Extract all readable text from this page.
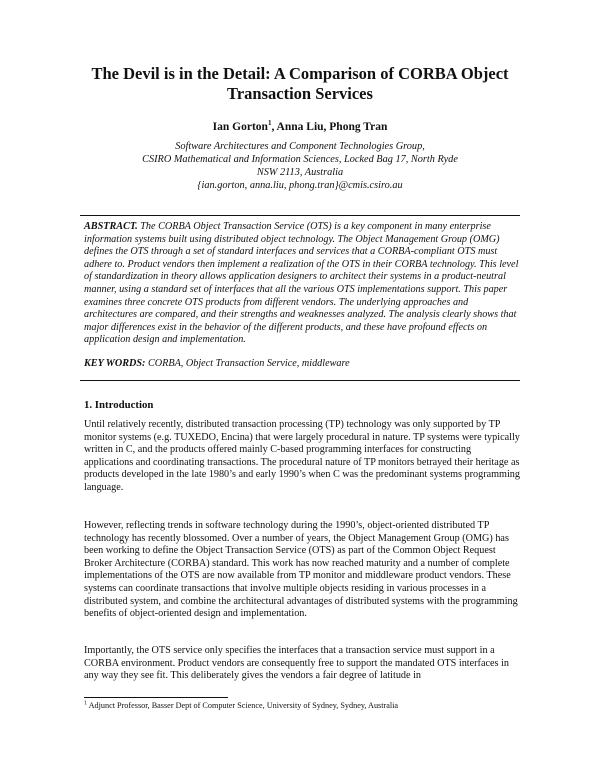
The Devil is in the Detail: A Comparison of CORBA Object Transaction Services
Ian Gorton$^1$, Anna Liu, Phong Tran
Software Architectures and Component Technologies Group,
CSIRO Mathematical and Information Sciences, Locked Bag 17, North Ryde
NSW 2113, Australia
{ian.gorton, anna.liu, phong.tran}@cmis.csiro.au

ABSTRACT. The CORBA Object Transaction Service (OTS) is a key component in many enterprise information systems built using distributed object technology. The Object Management Group (OMG) defines the OTS through a set of standard interfaces and services that a CORBA-compliant OTS must adhere to. Product vendors then implement a realization of the OTS in their CORBA technology. This level of standardization in theory allows application designers to architect their systems in a product-neutral manner, using a standard set of interfaces that all the various OTS implementations support. This paper examines three concrete OTS products from different vendors. The underlying approaches and architectures are compared, and their strengths and weaknesses analyzed. The analysis clearly shows that major differences exist in the behavior of the different products, and these have profound effects on application design and implementation.

KEY WORDS: CORBA, Object Transaction Service, middleware

1. Introduction

Until relatively recently, distributed transaction processing (TP) technology was only supported by TP monitor systems (e.g. TUXEDO, Encina) that were largely procedural in nature. TP systems were typically written in C, and the products offered mainly C-based programming interfaces for constructing applications and coordinating transactions. The procedural nature of TP monitors betrayed their heritage as products developed in the late 1980’s and early 1990’s when C was the predominant systems programming language.

However, reflecting trends in software technology during the 1990’s, object-oriented distributed TP technology has recently blossomed. Over a number of years, the Object Management Group (OMG) has been working to define the Object Transaction Service (OTS) as part of the Common Object Request Broker Architecture (CORBA) standard. This work has now reached maturity and a number of complete implementations of the OTS are now available from TP monitor and middleware product vendors. These systems can coordinate transactions that involve multiple objects residing in various processes in a distributed system, and combine the architectural advantages of distributed systems with the programming benefits of object-oriented design and implementation.

Importantly, the OTS service only specifies the interfaces that a transaction service must support in a CORBA environment. Product vendors are consequently free to support the mandated OTS interfaces in any way they see fit. This deliberately gives the vendors a fair degree of latitude in

$^1$ Adjunct Professor, Basser Dept of Computer Science, University of Sydney, Sydney, Australia
